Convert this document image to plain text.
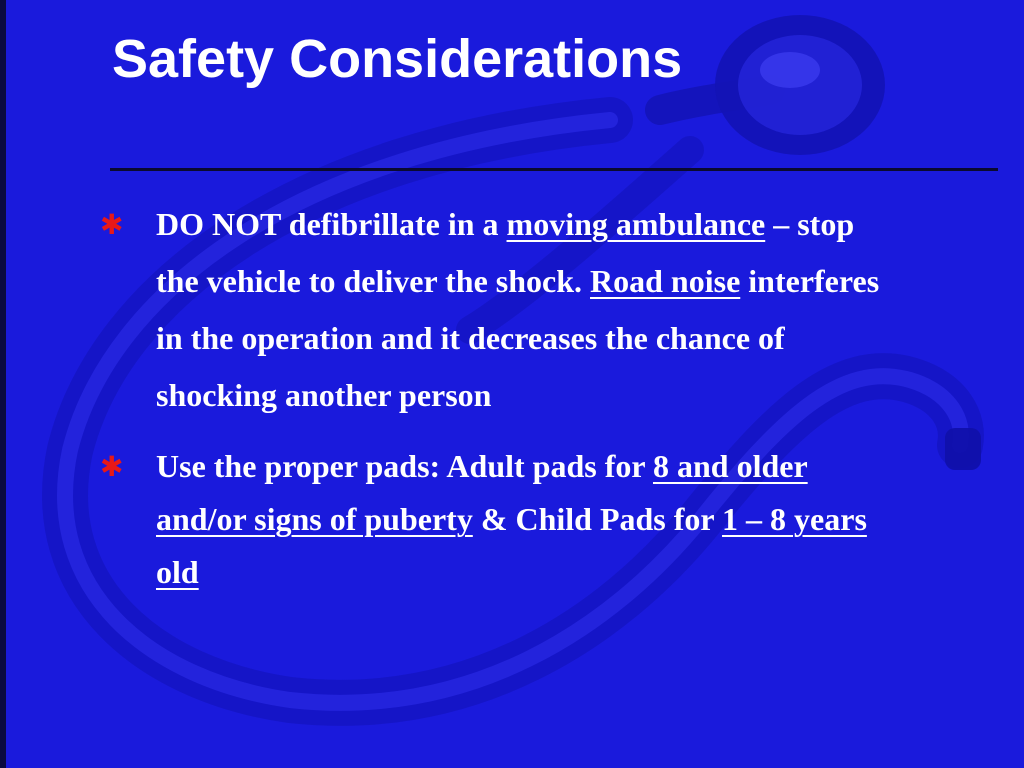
Safety Considerations
✱	DO NOT defibrillate in a moving ambulance – stop the vehicle to deliver the shock. Road noise interferes in the operation and it decreases the chance of shocking another person
✱	Use the proper pads: Adult pads for 8 and older and/or signs of puberty & Child Pads for 1 – 8 years old
